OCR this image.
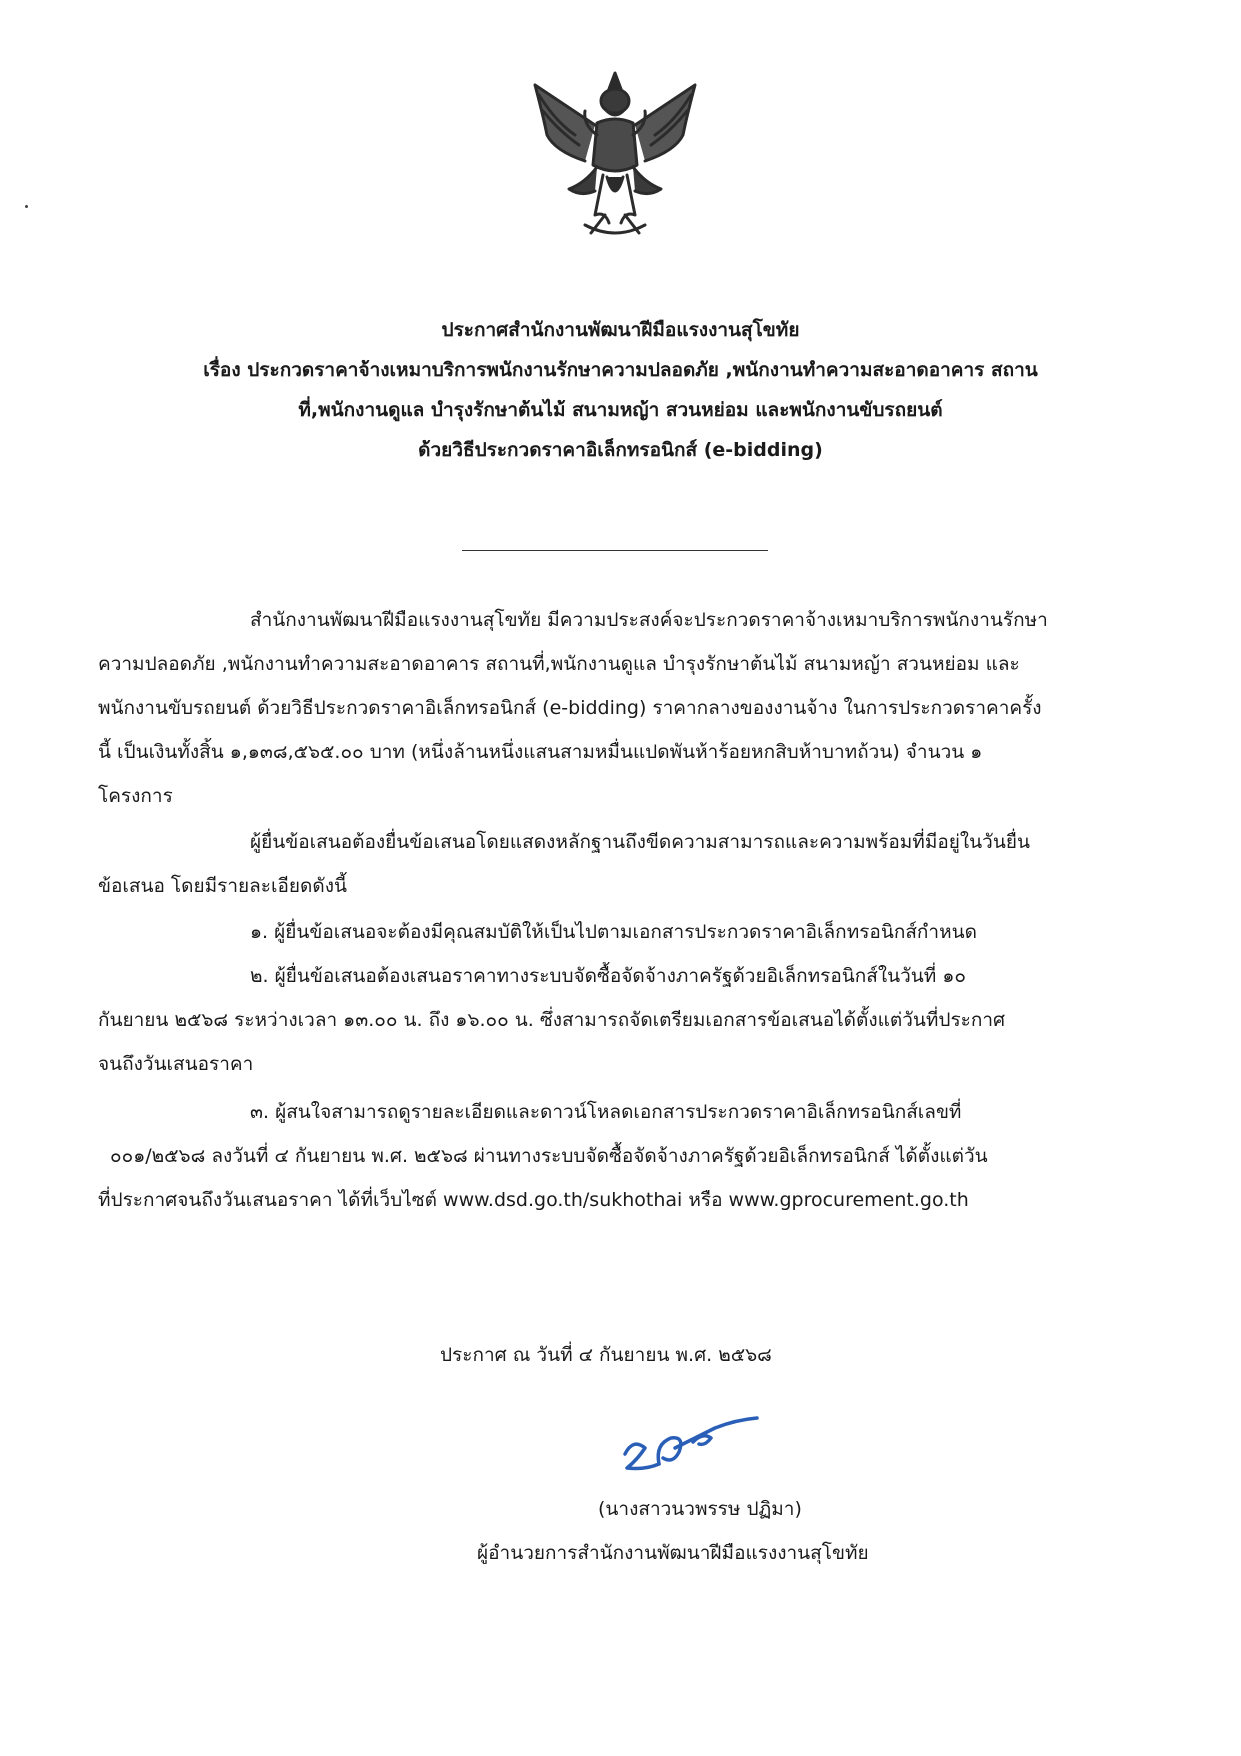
ประกาศสำนักงานพัฒนาฝีมือแรงงานสุโขทัย
เรื่อง ประกวดราคาจ้างเหมาบริการพนักงานรักษาความปลอดภัย ,พนักงานทำความสะอาดอาคาร สถาน
ที่,พนักงานดูแล บำรุงรักษาต้นไม้ สนามหญ้า สวนหย่อม และพนักงานขับรถยนต์
ด้วยวิธีประกวดราคาอิเล็กทรอนิกส์ (e-bidding)
สำนักงานพัฒนาฝีมือแรงงานสุโขทัย มีความประสงค์จะประกวดราคาจ้างเหมาบริการพนักงานรักษา
ความปลอดภัย ,พนักงานทำความสะอาดอาคาร สถานที่,พนักงานดูแล บำรุงรักษาต้นไม้ สนามหญ้า สวนหย่อม และ
พนักงานขับรถยนต์ ด้วยวิธีประกวดราคาอิเล็กทรอนิกส์ (e-bidding) ราคากลางของงานจ้าง ในการประกวดราคาครั้ง
นี้ เป็นเงินทั้งสิ้น ๑,๑๓๘,๕๖๕.๐๐ บาท (หนึ่งล้านหนึ่งแสนสามหมื่นแปดพันห้าร้อยหกสิบห้าบาทถ้วน) จำนวน ๑
โครงการ
ผู้ยื่นข้อเสนอต้องยื่นข้อเสนอโดยแสดงหลักฐานถึงขีดความสามารถและความพร้อมที่มีอยู่ในวันยื่น
ข้อเสนอ โดยมีรายละเอียดดังนี้
๑. ผู้ยื่นข้อเสนอจะต้องมีคุณสมบัติให้เป็นไปตามเอกสารประกวดราคาอิเล็กทรอนิกส์กำหนด
๒. ผู้ยื่นข้อเสนอต้องเสนอราคาทางระบบจัดซื้อจัดจ้างภาครัฐด้วยอิเล็กทรอนิกส์ในวันที่ ๑๐
กันยายน ๒๕๖๘ ระหว่างเวลา ๑๓.๐๐ น. ถึง ๑๖.๐๐ น. ซึ่งสามารถจัดเตรียมเอกสารข้อเสนอได้ตั้งแต่วันที่ประกาศ
จนถึงวันเสนอราคา
๓. ผู้สนใจสามารถดูรายละเอียดและดาวน์โหลดเอกสารประกวดราคาอิเล็กทรอนิกส์เลขที่
๐๐๑/๒๕๖๘ ลงวันที่ ๔ กันยายน พ.ศ. ๒๕๖๘ ผ่านทางระบบจัดซื้อจัดจ้างภาครัฐด้วยอิเล็กทรอนิกส์ ได้ตั้งแต่วัน
ที่ประกาศจนถึงวันเสนอราคา ได้ที่เว็บไซต์ www.dsd.go.th/sukhothai หรือ www.gprocurement.go.th
ประกาศ ณ วันที่ ๔ กันยายน พ.ศ. ๒๕๖๘
(นางสาวนวพรรษ ปฏิมา)
ผู้อำนวยการสำนักงานพัฒนาฝีมือแรงงานสุโขทัย
